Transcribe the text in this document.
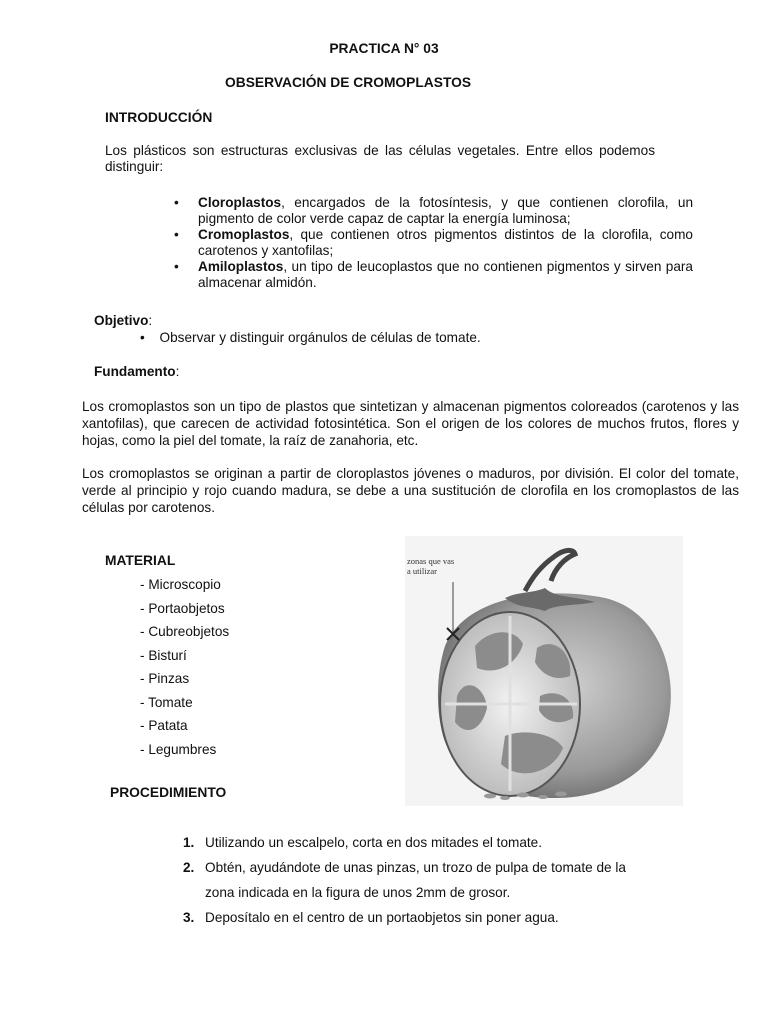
PRACTICA N° 03
OBSERVACIÓN DE CROMOPLASTOS
INTRODUCCIÓN
Los plásticos son estructuras exclusivas de las células vegetales. Entre ellos podemos distinguir:
• Cloroplastos, encargados de la fotosíntesis, y que contienen clorofila, un pigmento de color verde capaz de captar la energía luminosa;
• Cromoplastos, que contienen otros pigmentos distintos de la clorofila, como carotenos y xantofilas;
• Amiloplastos, un tipo de leucoplastos que no contienen pigmentos y sirven para almacenar almidón.
Objetivo:
• Observar y distinguir orgánulos de células de tomate.
Fundamento:
Los cromoplastos son un tipo de plastos que sintetizan y almacenan pigmentos coloreados (carotenos y las xantofilas), que carecen de actividad fotosintética. Son el origen de los colores de muchos frutos, flores y hojas, como la piel del tomate, la raíz de zanahoria, etc.
Los cromoplastos se originan a partir de cloroplastos jóvenes o maduros, por división. El color del tomate, verde al principio y rojo cuando madura, se debe a una sustitución de clorofila en los cromoplastos de las células por carotenos.
MATERIAL
- Microscopio
- Portaobjetos
- Cubreobjetos
- Bisturí
- Pinzas
- Tomate
- Patata
- Legumbres
zonas que vas
a utilizar
PROCEDIMIENTO
1. Utilizando un escalpelo, corta en dos mitades el tomate.
2. Obtén, ayudándote de unas pinzas, un trozo de pulpa de tomate de la
zona indicada en la figura de unos 2mm de grosor.
3. Deposítalo en el centro de un portaobjetos sin poner agua.
